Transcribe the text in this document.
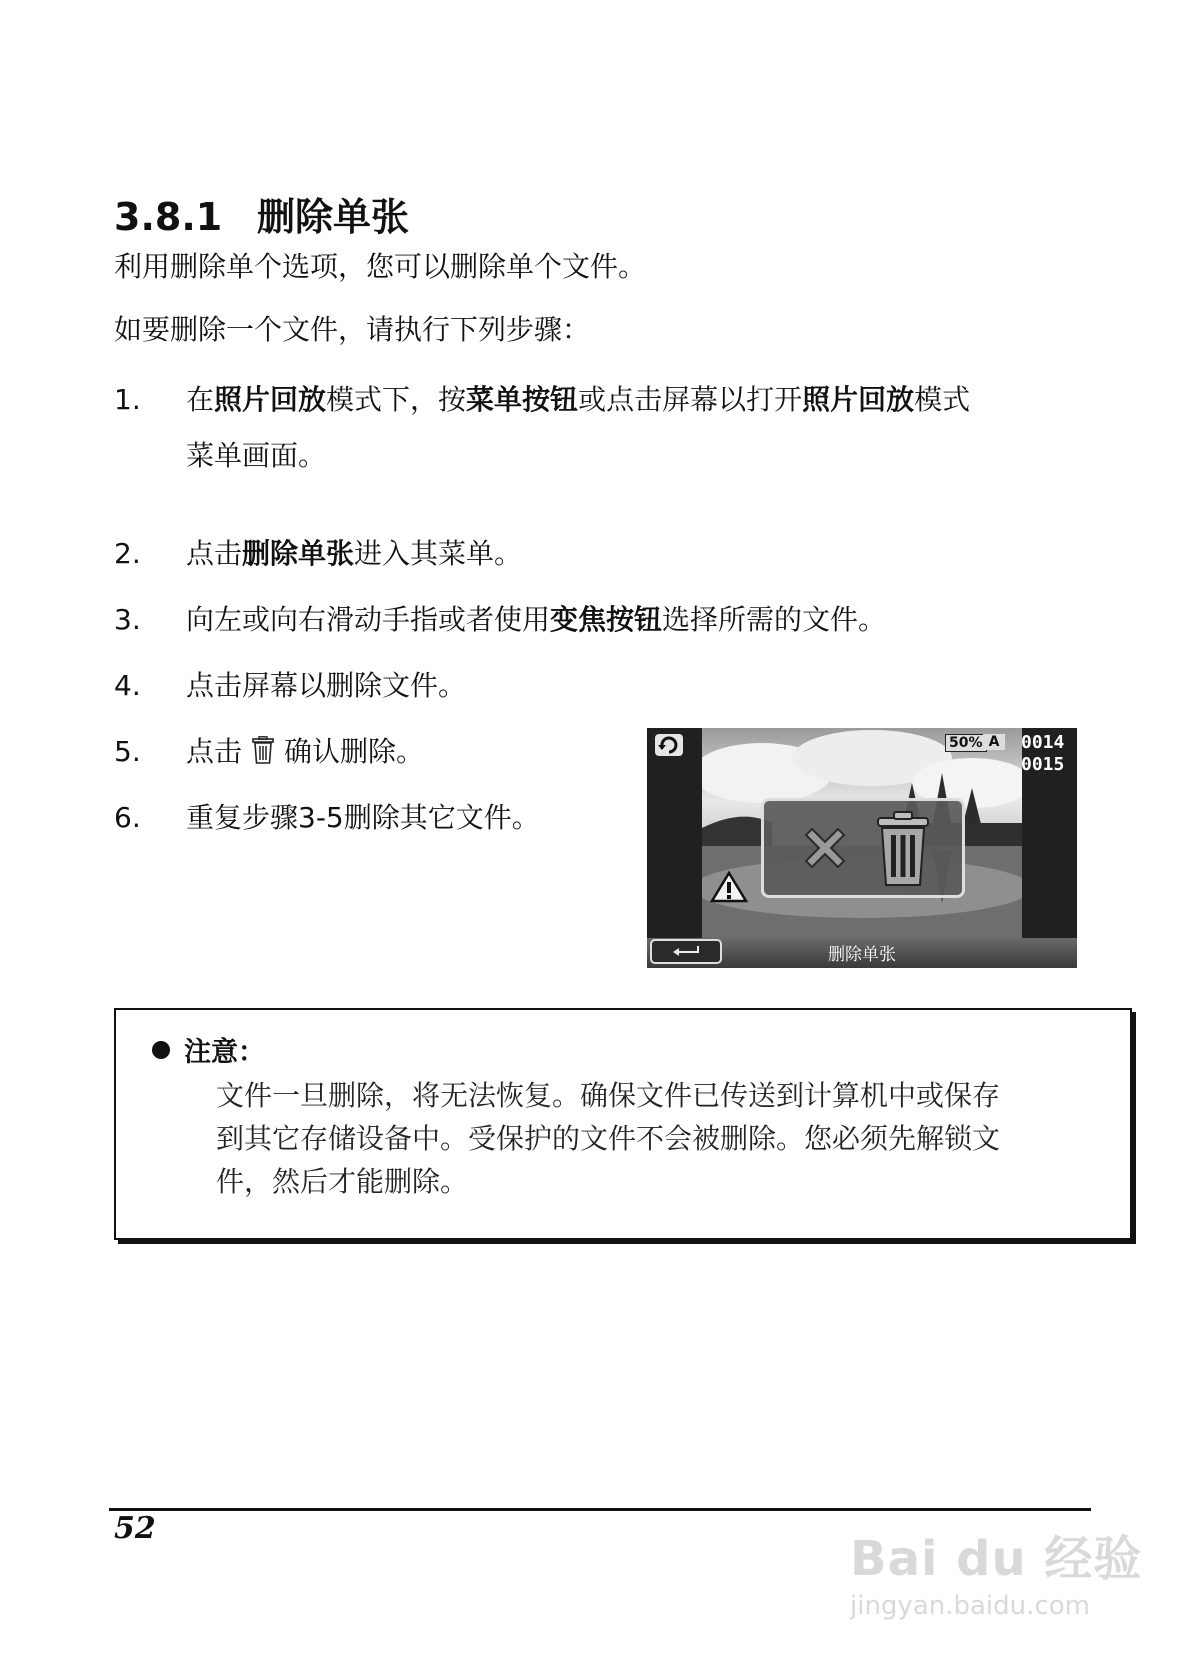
3.8.1 删除单张
利用删除单个选项，您可以删除单个文件。
如要删除一个文件，请执行下列步骤：
1. 在照片回放模式下，按菜单按钮或点击屏幕以打开照片回放模式
菜单画面。
2. 点击删除单张进入其菜单。
3. 向左或向右滑动手指或者使用变焦按钮选择所需的文件。
4. 点击屏幕以删除文件。
5. 点击 确认删除。
6. 重复步骤3-5删除其它文件。
50% A	0014
0015
删除单张
注意：
文件一旦删除，将无法恢复。确保文件已传送到计算机中或保存
到其它存储设备中。受保护的文件不会被删除。您必须先解锁文
件，然后才能删除。
52
Bai du 经验
jingyan.baidu.com
